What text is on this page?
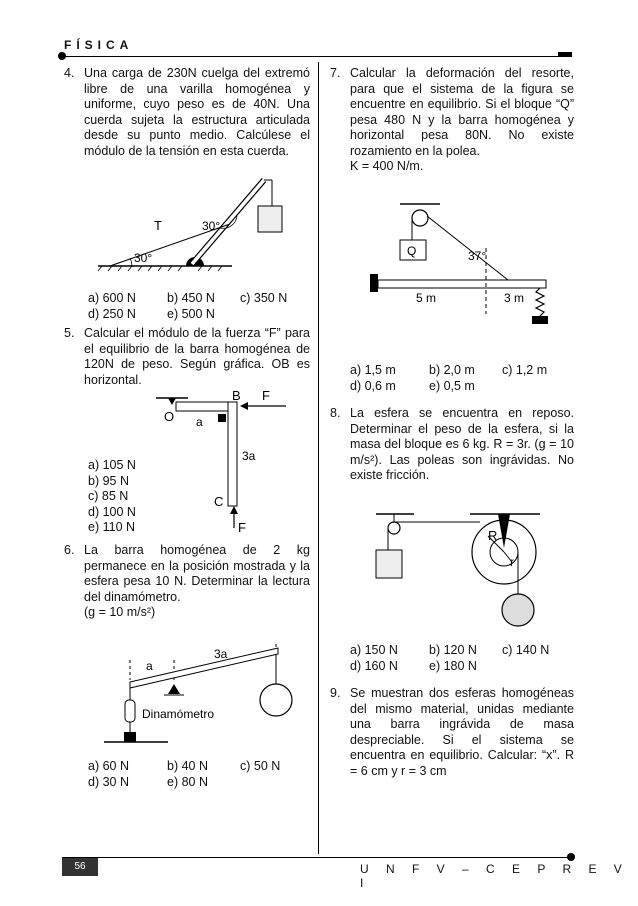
FÍSICA
56	U N F V – C E P R E V I
4. Una carga de 230N cuelga del extremó libre de una varilla homogénea y uniforme, cuyo peso es de 40N. Una cuerda sujeta la estructura articulada desde su punto medio. Calcúlese el módulo de la tensión en esta cuerda.
T
30°
30°
a) 600 N b) 450 N c) 350 N
d) 250 N e) 500 N
5. Calcular el módulo de la fuerza “F” para el equilibrio de la barra homogénea de 120N de peso. Según gráfica. OB es horizontal.
O
B F
a
3a
C
F
a) 105 N
b) 95 N
c) 85 N
d) 100 N
e) 110 N
6. La barra homogénea de 2 kg permanece en la posición mostrada y la esfera pesa 10 N. Determinar la lectura del dinamómetro.
(g = 10 m/s²)
a
3a
Dinamómetro
a) 60 N	b) 40 N	c) 50 N
d) 30 N	e) 80 N
7. Calcular la deformación del resorte, para que el sistema de la figura se encuentre en equilibrio. Si el bloque “Q” pesa 480 N y la barra homogénea y horizontal pesa 80N. No existe rozamiento en la polea.
K = 400 N/m.
Q	37°
5 m	3 m
a) 1,5 m	b) 2,0 m c) 1,2 m
d) 0,6 m	e) 0,5 m
8. La esfera se encuentra en reposo. Determinar el peso de la esfera, si la masa del bloque es 6 kg. R = 3r. (g = 10 m/s²). Las poleas son ingrávidas. No existe fricción.
R
r
a) 150 N b) 120 N c) 140 N
d) 160 N e) 180 N
9. Se muestran dos esferas homogéneas del mismo material, unidas mediante una barra ingrávida de masa despreciable. Si el sistema se encuentra en equilibrio. Calcular: “x”. R = 6 cm y r = 3 cm
